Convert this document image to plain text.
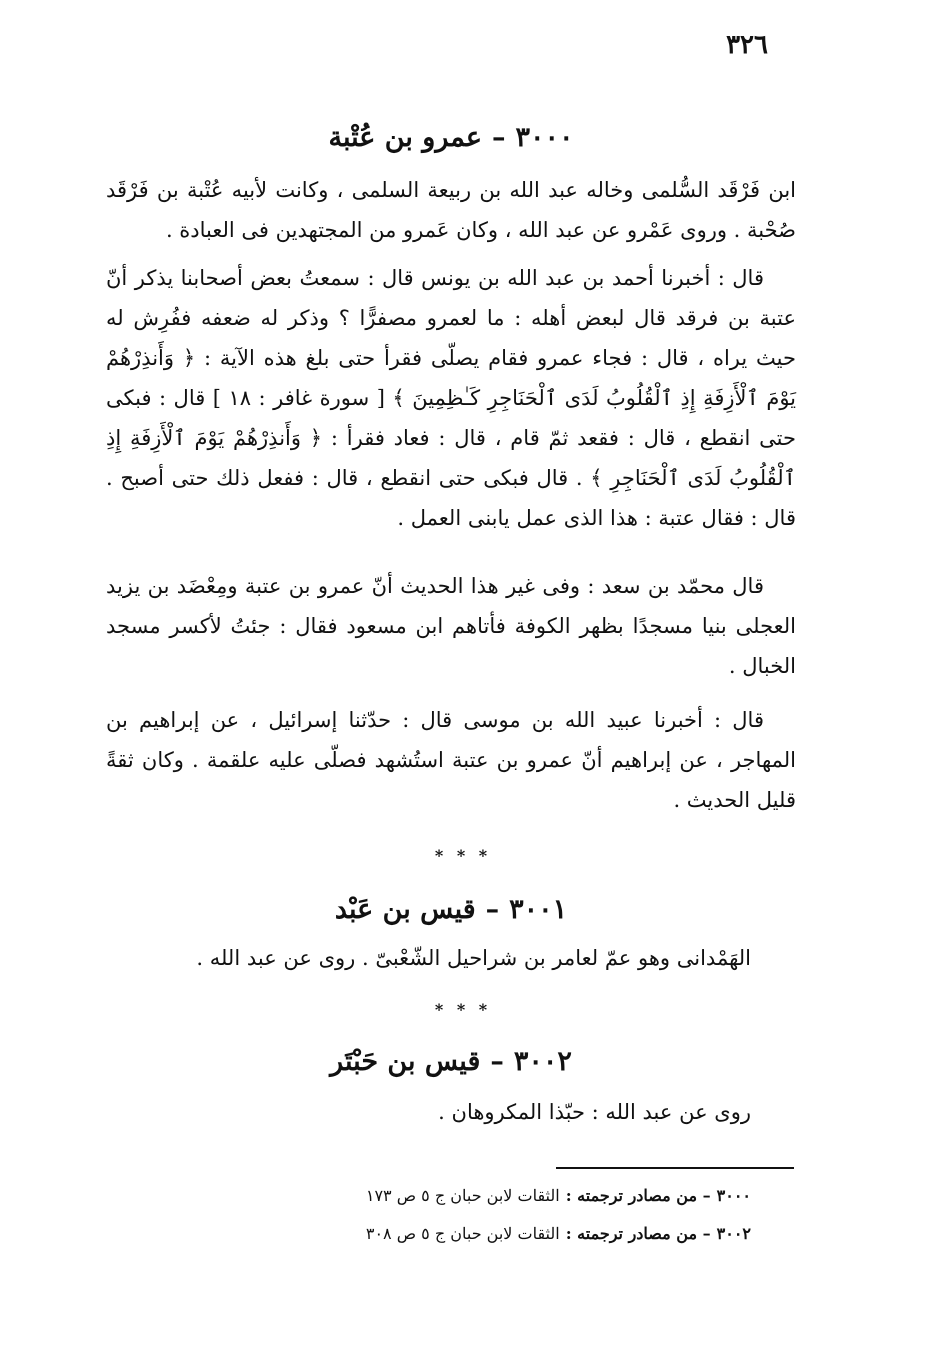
٣٢٦
٣٠٠٠–عمرو بن عُتْبة

ابن فَرْقَد السُّلمى وخاله عبد الله بن ربيعة السلمى ، وكانت لأبيه عُتْبة بن فَرْقَد صُحْبة . وروى عَمْرو عن عبد الله ، وكان عَمرو من المجتهدين فى العبادة .

قال : أخبرنا أحمد بن عبد الله بن يونس قال : سمعتُ بعض أصحابنا يذكر أنّ عتبة بن فرقد قال لبعض أهله : ما لعمرو مصفرًّا ؟ وذكر له ضعفه ففُرِش له حيث يراه ، قال : فجاء عمرو فقام يصلّى فقرأ حتى بلغ هذه الآية : ﴿ وَأَنذِرْهُمْ يَوْمَ ٱلْأَزِفَةِ إِذِ ٱلْقُلُوبُ لَدَى ٱلْحَنَاجِرِ كَـٰظِمِينَ ﴾ [ سورة غافر : ١٨ ] قال : فبكى حتى انقطع ، قال : فقعد ثمّ قام ، قال : فعاد فقرأ : ﴿ وَأَنذِرْهُمْ يَوْمَ ٱلْأَزِفَةِ إِذِ ٱلْقُلُوبُ لَدَى ٱلْحَنَاجِرِ ﴾ . قال فبكى حتى انقطع ، قال : ففعل ذلك حتى أصبح . قال : فقال عتبة : هذا الذى عمل يابنى العمل .

قال محمّد بن سعد : وفى غير هذا الحديث أنّ عمرو بن عتبة ومِعْضَد بن يزيد العجلى بنيا مسجدًا بظهر الكوفة فأتاهم ابن مسعود فقال : جئتُ لأكسر مسجد الخبال .

قال : أخبرنا عبيد الله بن موسى قال : حدّثنا إسرائيل ، عن إبراهيم بن المهاجر ، عن إبراهيم أنّ عمرو بن عتبة استُشهد فصلّى عليه علقمة . وكان ثقةً قليل الحديث .

* * *
٣٠٠١–قيس بن عَبْد

الهَمْدانى وهو عمّ لعامر بن شراحيل الشّعْبىّ . روى عن عبد الله .

* * *
٣٠٠٢–قيس بن حَبْتَر

روى عن عبد الله : حبّذا المكروهان .

٣٠٠٠– من مصادر ترجمته :الثقات لابن حبان ج ٥ ص ١٧٣
٣٠٠٢– من مصادر ترجمته :الثقات لابن حبان ج ٥ ص ٣٠٨
